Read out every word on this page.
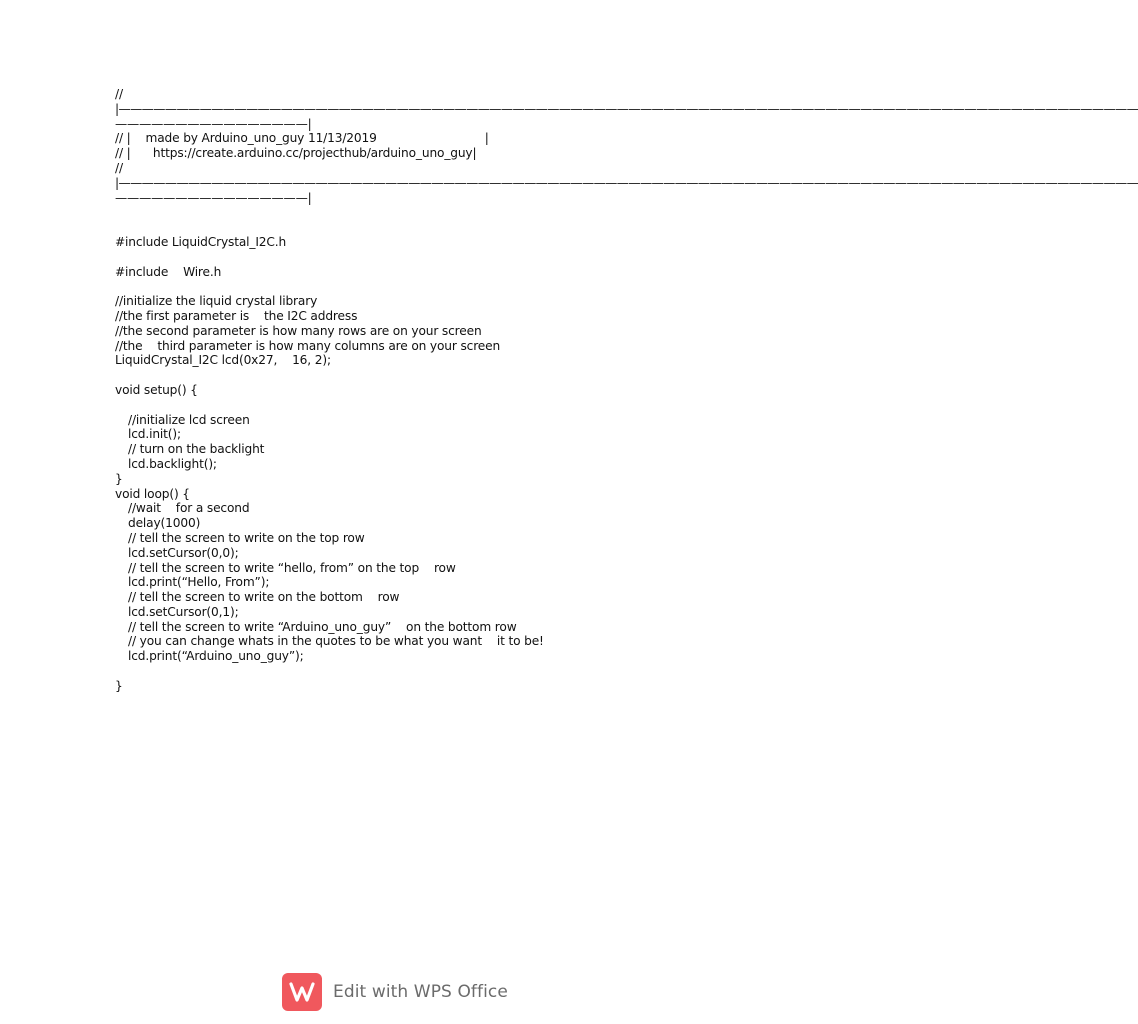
//
|————————————————————————————————————————————————————————————————————————————————————————
————————————————|
// |    made by Arduino_uno_guy 11/13/2019                             |
// |      https://create.arduino.cc/projecthub/arduino_uno_guy|
//
|————————————————————————————————————————————————————————————————————————————————————————
————————————————|
#include LiquidCrystal_I2C.h
#include    Wire.h
//initialize the liquid crystal library
//the first parameter is    the I2C address
//the second parameter is how many rows are on your screen
//the    third parameter is how many columns are on your screen
LiquidCrystal_I2C lcd(0x27,    16, 2);
void setup() {
//initialize lcd screen
lcd.init();
// turn on the backlight
lcd.backlight();
}
void loop() {
//wait    for a second
delay(1000)
// tell the screen to write on the top row
lcd.setCursor(0,0);
// tell the screen to write “hello, from” on the top    row
lcd.print(“Hello, From”);
// tell the screen to write on the bottom    row
lcd.setCursor(0,1);
// tell the screen to write “Arduino_uno_guy”    on the bottom row
// you can change whats in the quotes to be what you want    it to be!
lcd.print(“Arduino_uno_guy”);
}
Edit with WPS Office
